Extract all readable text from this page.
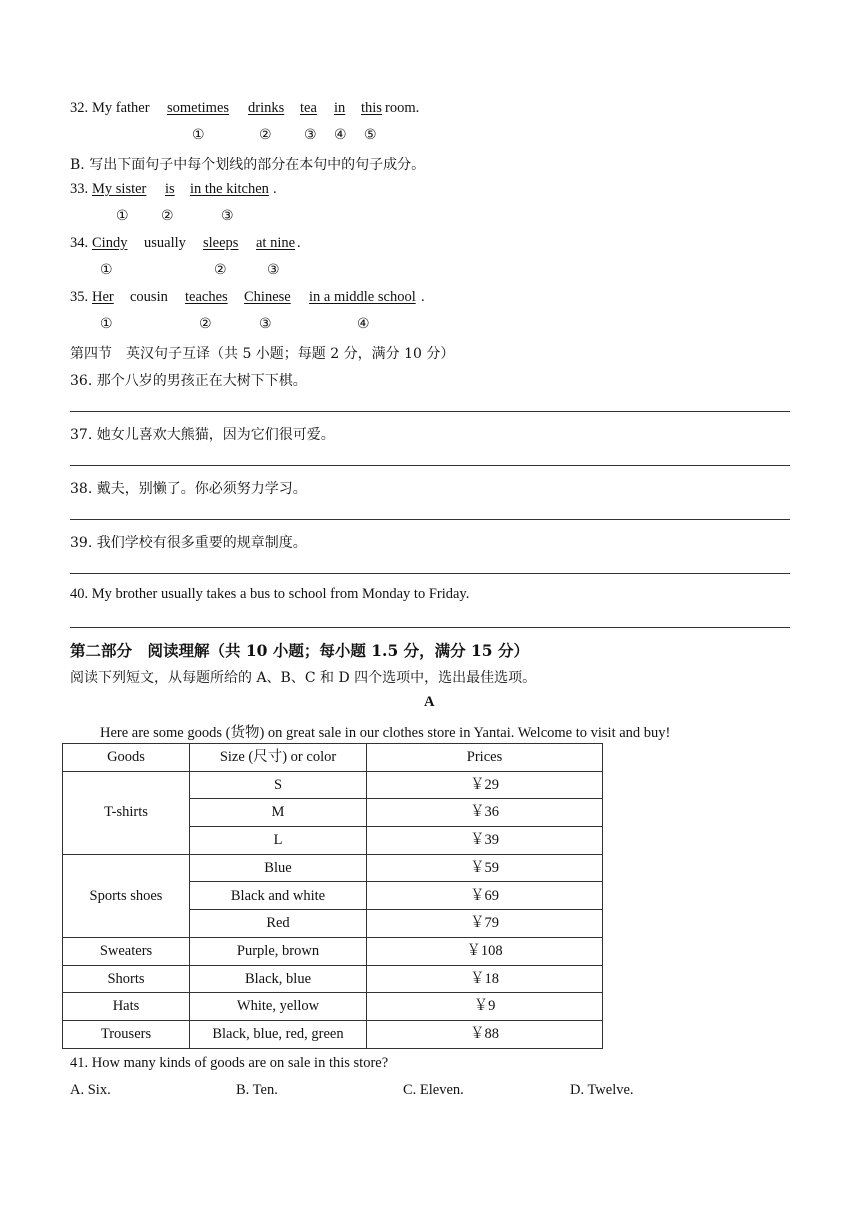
32. My father sometimes drinks tea in this room.
①	② ③ ④ ⑤
B. 写出下面句子中每个划线的部分在本句中的句子成分。
33. My sister is in the kitchen .
① ②	③
34. Cindy usually sleeps at nine .
①	②	③
35. Her cousin teaches Chinese in a middle school .
①	②	③	④
第四节　英汉句子互译（共 5 小题；每题 2 分，满分 10 分）
36. 那个八岁的男孩正在大树下下棋。
37. 她女儿喜欢大熊猫，因为它们很可爱。
38. 戴夫，别懒了。你必须努力学习。
39. 我们学校有很多重要的规章制度。
40. My brother usually takes a bus to school from Monday to Friday.
第二部分　阅读理解（共 10 小题；每小题 1.5 分，满分 15 分）
阅读下列短文，从每题所给的 A、B、C 和 D 四个选项中，选出最佳选项。
A
Here are some goods (货物) on great sale in our clothes store in Yantai. Welcome to visit and buy!
Goods	Size (尺寸) or color	Prices
T-shirts	S	￥29
	M	￥36
	L	￥39
Sports shoes	Blue	￥59
	Black and white	￥69
	Red	￥79
Sweaters	Purple, brown	￥108
Shorts	Black, blue	￥18
Hats	White, yellow	￥9
Trousers	Black, blue, red, green	￥88
41. How many kinds of goods are on sale in this store?
A. Six.	B. Ten.	C. Eleven.	D. Twelve.
